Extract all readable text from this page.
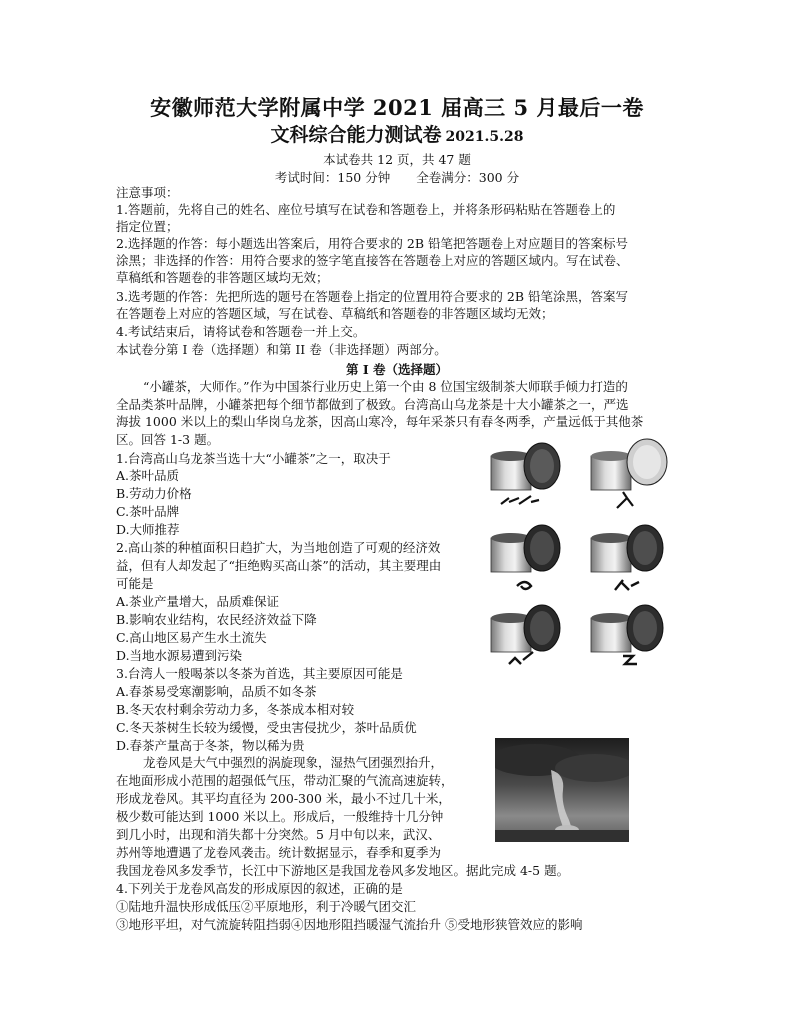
安徽师范大学附属中学 2021 届高三 5 月最后一卷
文科综合能力测试卷 2021.5.28
本试卷共 12 页，共 47 题
考试时间：150 分钟 全卷满分：300 分
注意事项：
1.答题前，先将自己的姓名、座位号填写在试卷和答题卷上，并将条形码粘贴在答题卷上的
指定位置；
2.选择题的作答：每小题选出答案后，用符合要求的 2B 铅笔把答题卷上对应题目的答案标号
涂黑；非选择的作答：用符合要求的签字笔直接答在答题卷上对应的答题区域内。写在试卷、
草稿纸和答题卷的非答题区域均无效；
3.选考题的作答：先把所选的题号在答题卷上指定的位置用符合要求的 2B 铅笔涂黑，答案写
在答题卷上对应的答题区域，写在试卷、草稿纸和答题卷的非答题区域均无效；
4.考试结束后，请将试卷和答题卷一并上交。
本试卷分第 I 卷（选择题）和第 II 卷（非选择题）两部分。
第 I 卷（选择题）
“小罐茶，大师作。”作为中国茶行业历史上第一个由 8 位国宝级制茶大师联手倾力打造的
全品类茶叶品牌，小罐茶把每个细节都做到了极致。台湾高山乌龙茶是十大小罐茶之一，严选
海拔 1000 米以上的梨山华岗乌龙茶，因高山寒冷，每年采茶只有春冬两季，产量远低于其他茶
区。回答 1-3 题。
1.台湾高山乌龙茶当选十大“小罐茶”之一，取决于
A.茶叶品质
B.劳动力价格
C.茶叶品牌
D.大师推荐
2.高山茶的种植面积日趋扩大，为当地创造了可观的经济效
益，但有人却发起了“拒绝购买高山茶”的活动，其主要理由
可能是
A.茶业产量增大，品质难保证
B.影响农业结构，农民经济效益下降
C.高山地区易产生水土流失
D.当地水源易遭到污染
3.台湾人一般喝茶以冬茶为首选，其主要原因可能是
A.春茶易受寒潮影响，品质不如冬茶
B.冬天农村剩余劳动力多，冬茶成本相对较
C.冬天茶树生长较为缓慢，受虫害侵扰少，茶叶品质优
D.春茶产量高于冬茶，物以稀为贵
龙卷风是大气中强烈的涡旋现象，湿热气团强烈抬升，
在地面形成小范围的超强低气压，带动汇聚的气流高速旋转，
形成龙卷风。其平均直径为 200-300 米，最小不过几十米，
极少数可能达到 1000 米以上。形成后，一般维持十几分钟
到几小时，出现和消失都十分突然。5 月中旬以来，武汉、
苏州等地遭遇了龙卷风袭击。统计数据显示，春季和夏季为
我国龙卷风多发季节，长江中下游地区是我国龙卷风多发地区。据此完成 4-5 题。
4.下列关于龙卷风高发的形成原因的叙述，正确的是
①陆地升温快形成低压②平原地形，利于冷暖气团交汇
③地形平坦，对气流旋转阻挡弱④因地形阻挡暖湿气流抬升 ⑤受地形狭管效应的影响
